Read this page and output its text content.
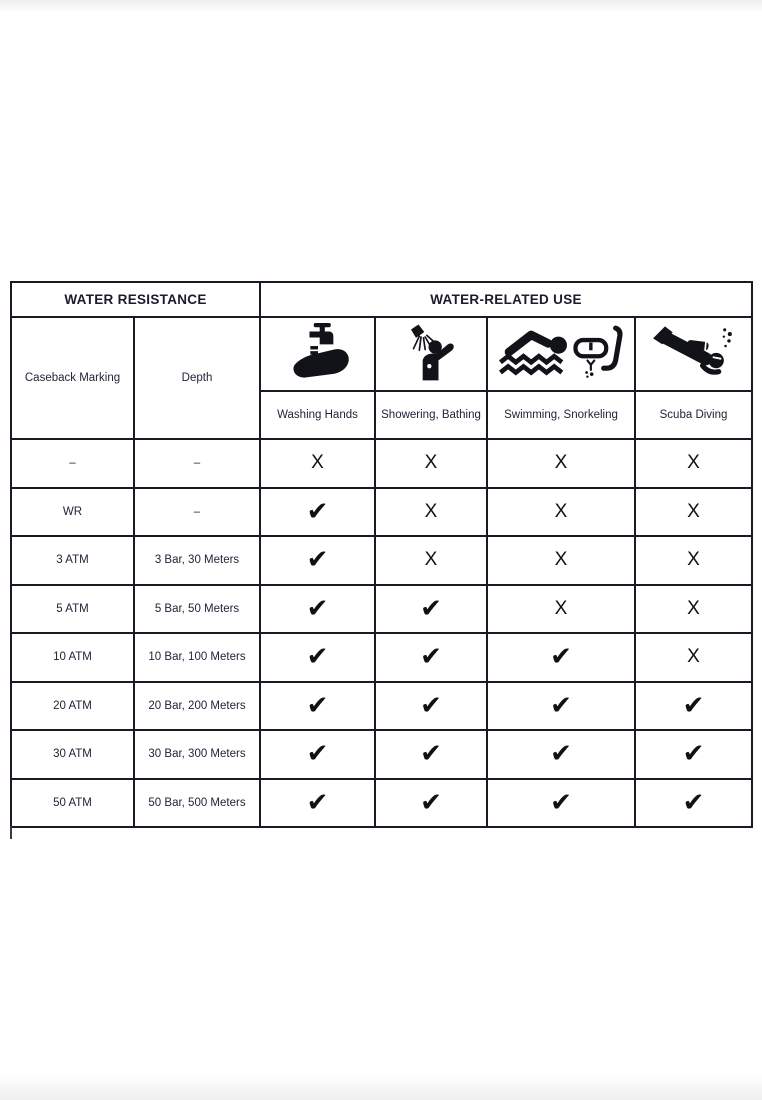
WATER RESISTANCE		WATER-RELATED USE			
Caseback Marking	Depth	

		Washing Hands	Showering, Bathing	Swimming, Snorkeling	Scuba Diving
–	–	X	X	X	X
WR	–	✔	X	X	X
3 ATM	3 Bar, 30 Meters	✔	X	X	X
5 ATM	5 Bar, 50 Meters	✔	✔	X	X
10 ATM	10 Bar, 100 Meters	✔	✔	✔	X
20 ATM	20 Bar, 200 Meters	✔	✔	✔	✔
30 ATM	30 Bar, 300 Meters	✔	✔	✔	✔
50 ATM	50 Bar, 500 Meters	✔	✔	✔	✔
